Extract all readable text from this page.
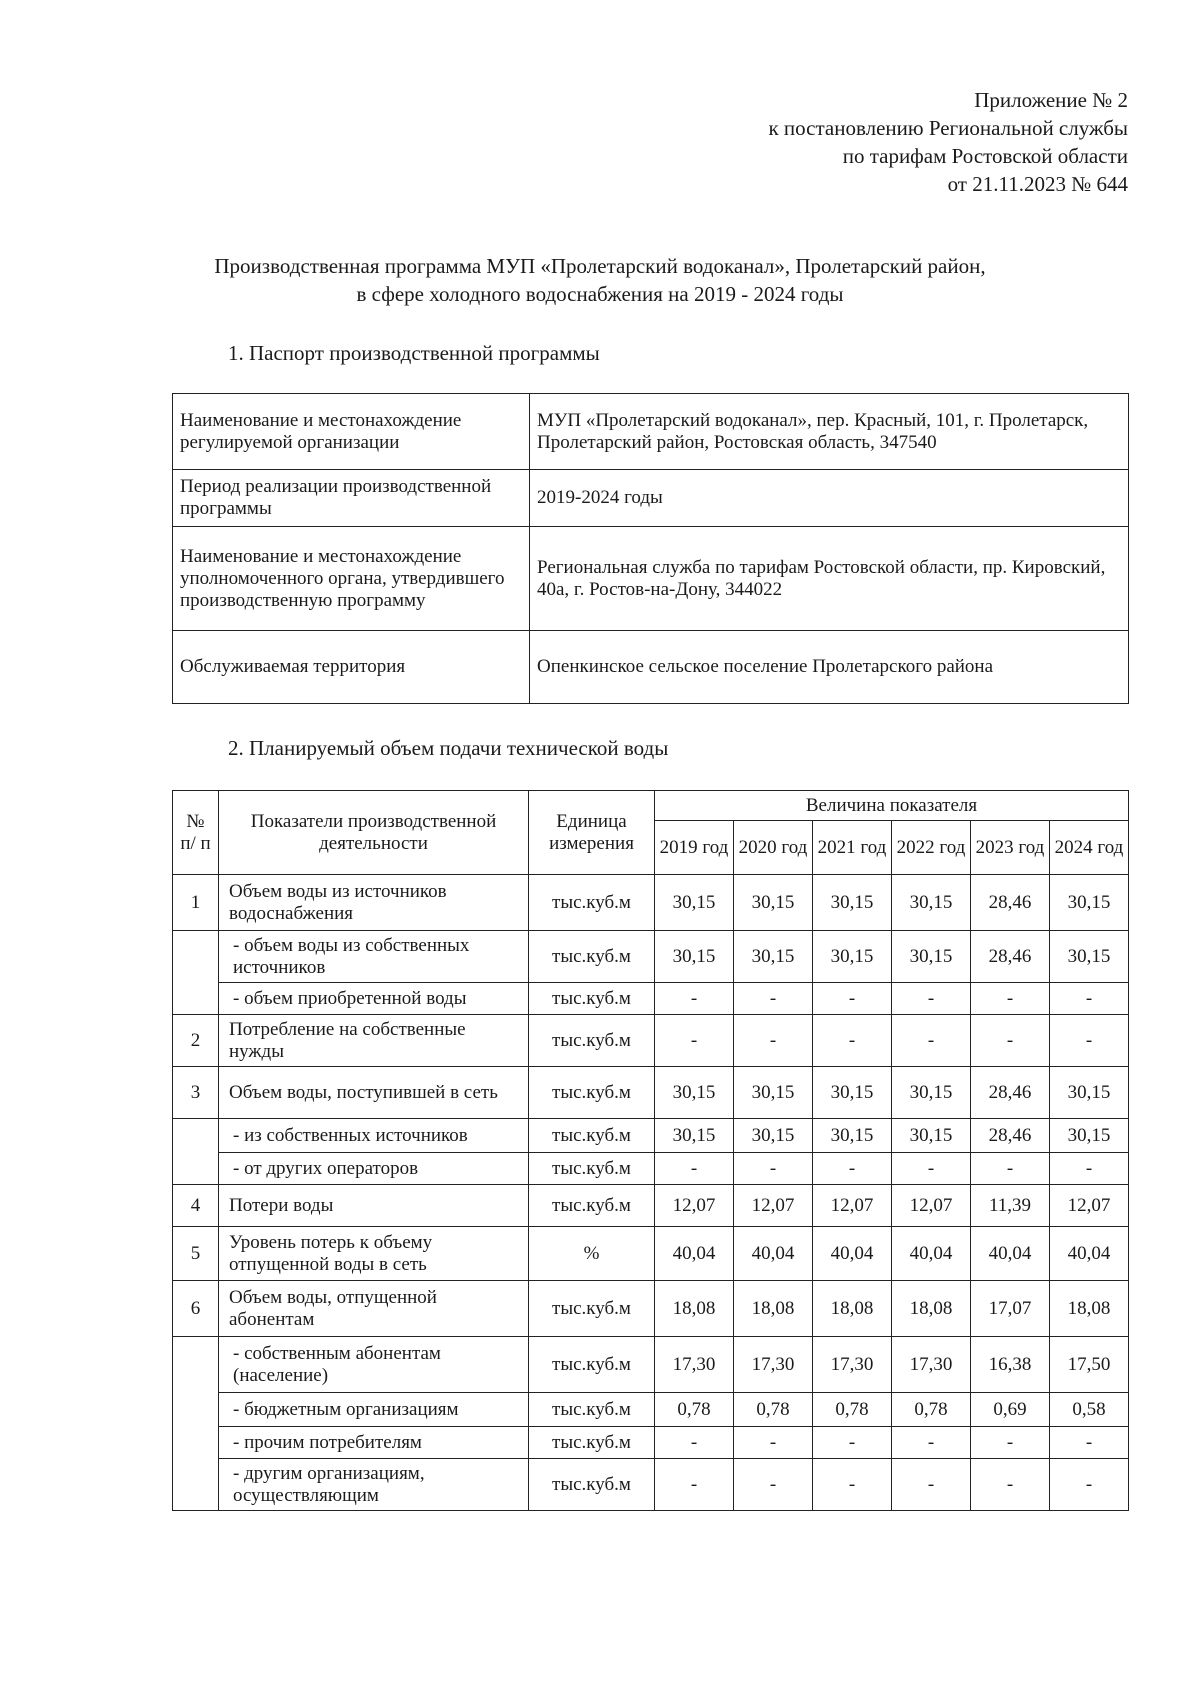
Приложение № 2
к постановлению Региональной службы
по тарифам Ростовской области
от 21.11.2023 № 644
Производственная программа МУП «Пролетарский водоканал», Пролетарский район,
в сфере холодного водоснабжения на 2019 - 2024 годы
1. Паспорт производственной программы
Наименование и местонахождение регулируемой организации	МУП «Пролетарский водоканал», пер. Красный, 101, г. Пролетарск, Пролетарский район, Ростовская область, 347540
Период реализации производственной программы	2019-2024 годы
Наименование и местонахождение уполномоченного органа, утвердившего производственную программу	Региональная служба по тарифам Ростовской области, пр. Кировский, 40а, г. Ростов-на-Дону, 344022
Обслуживаемая территория	Опенкинское сельское поселение Пролетарского района
2. Планируемый объем подачи технической воды
№ п/ п	Показатели производственной деятельности	Единица измерения	Величина показателя					
			2019 год	2020 год	2021 год	2022 год	2023 год	2024 год
1	Объем воды из источников водоснабжения	тыс.куб.м	30,15	30,15	30,15	30,15	28,46	30,15
	- объем воды из собственных источников	тыс.куб.м	30,15	30,15	30,15	30,15	28,46	30,15
	- объем приобретенной воды	тыс.куб.м	-	-	-	-	-	-
2	Потребление на собственные нужды	тыс.куб.м	-	-	-	-	-	-
3	Объем воды, поступившей в сеть	тыс.куб.м	30,15	30,15	30,15	30,15	28,46	30,15
	- из собственных источников	тыс.куб.м	30,15	30,15	30,15	30,15	28,46	30,15
	- от других операторов	тыс.куб.м	-	-	-	-	-	-
4	Потери воды	тыс.куб.м	12,07	12,07	12,07	12,07	11,39	12,07
5	Уровень потерь к объему отпущенной воды в сеть	%	40,04	40,04	40,04	40,04	40,04	40,04
6	Объем воды, отпущенной абонентам	тыс.куб.м	18,08	18,08	18,08	18,08	17,07	18,08
	- собственным абонентам (население)	тыс.куб.м	17,30	17,30	17,30	17,30	16,38	17,50
	- бюджетным организациям	тыс.куб.м	0,78	0,78	0,78	0,78	0,69	0,58
	- прочим потребителям	тыс.куб.м	-	-	-	-	-	-
	- другим организациям, осуществляющим	тыс.куб.м	-	-	-	-	-	-
